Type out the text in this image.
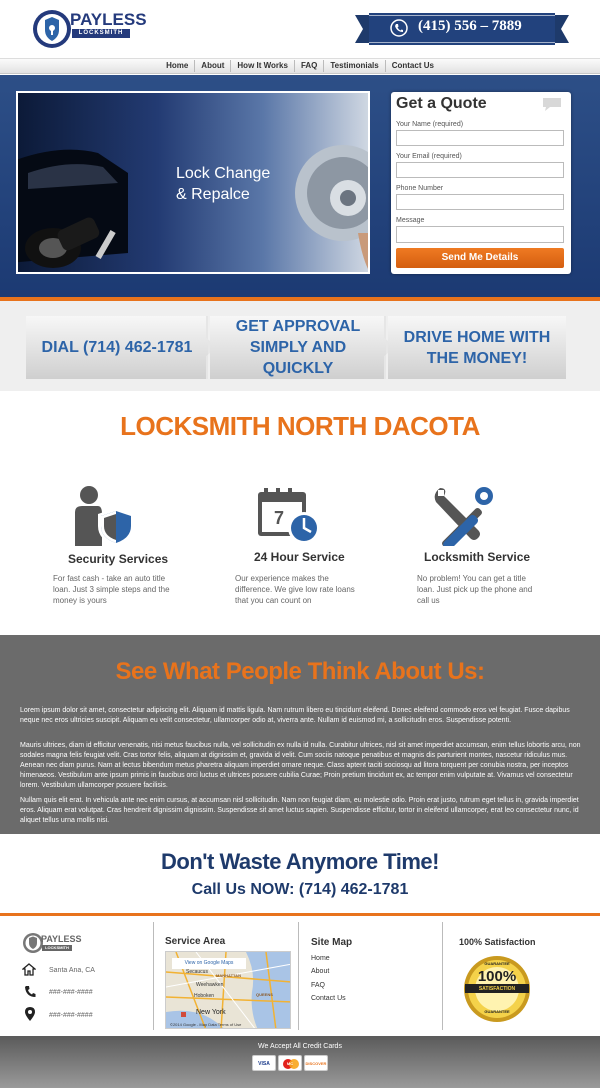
PAYLESS
LOCKSMITH	(415) 556 – 7889
Home	About	How It Works	FAQ	Testimonials	Contact Us
Lock Change
& Repalce
Get a Quote
Your Name (required)
Your Email (required)
Phone Number
Message
Send Me Details
DIAL (714) 462-1781
GET APPROVAL SIMPLY AND QUICKLY
DRIVE HOME WITH THE MONEY!
LOCKSMITH NORTH DACOTA
Security Services
For fast cash - take an auto title loan. Just 3 simple steps and the money is yours
7
24 Hour Service
Our experience makes the difference. We give low rate loans that you can count on
Locksmith Service
No problem! You can get a title loan. Just pick up the phone and call us
See What People Think About Us:
Lorem ipsum dolor sit amet, consectetur adipiscing elit. Aliquam id mattis ligula. Nam rutrum libero eu tincidunt eleifend. Donec eleifend commodo eros vel feugiat. Fusce dapibus neque nec eros ultricies suscipit. Aliquam eu velit consectetur, ullamcorper odio at, viverra ante. Nullam id euismod mi, a sollicitudin eros. Suspendisse potenti.
Mauris ultrices, diam id efficitur venenatis, nisi metus faucibus nulla, vel sollicitudin ex nulla id nulla. Curabitur ultrices, nisl sit amet imperdiet accumsan, enim tellus lobortis arcu, non sodales magna felis feugiat velit. Cras tortor felis, aliquam at dignissim et, gravida id velit. Cum sociis natoque penatibus et magnis dis parturient montes, nascetur ridiculus mus. Aenean nec diam purus. Nam at lectus bibendum metus pharetra aliquam imperdiet ornare neque. Class aptent taciti sociosqu ad litora torquent per conubia nostra, per inceptos himenaeos. Vestibulum ante ipsum primis in faucibus orci luctus et ultrices posuere cubilia Curae; Proin pretium tincidunt ex, ac tempor enim vulputate at. Vivamus vel consectetur lorem. Vestibulum ullamcorper posuere facilisis.
Nullam quis elit erat. In vehicula ante nec enim cursus, at accumsan nisl sollicitudin. Nam non feugiat diam, eu molestie odio. Proin erat justo, rutrum eget tellus in, gravida imperdiet eros. Aliquam erat volutpat. Cras hendrerit dignissim dignissim. Suspendisse sit amet luctus sapien. Suspendisse efficitur, tortor in eleifend ullamcorper, erat leo consectetur nunc, id aliquet tellus urna mollis nisi.
Don't Waste Anymore Time!
Call Us NOW: (714) 462-1781
PAYLESS
LOCKSMITH
Santa Ana, CA
###-###-####
###-###-####
Service Area
Secaucus
MANHATTAN
Weehawken
Hoboken	QUEENS
New York
©2014 Google - Map Data Terms of Use
View on Google Maps
Site Map
Home
About
FAQ
Contact Us
100% Satisfaction
GUARANTEE
100%
SATISFACTION
GUARANTEE
We Accept All Credit Cards
VISA	MC	DISCOVER
